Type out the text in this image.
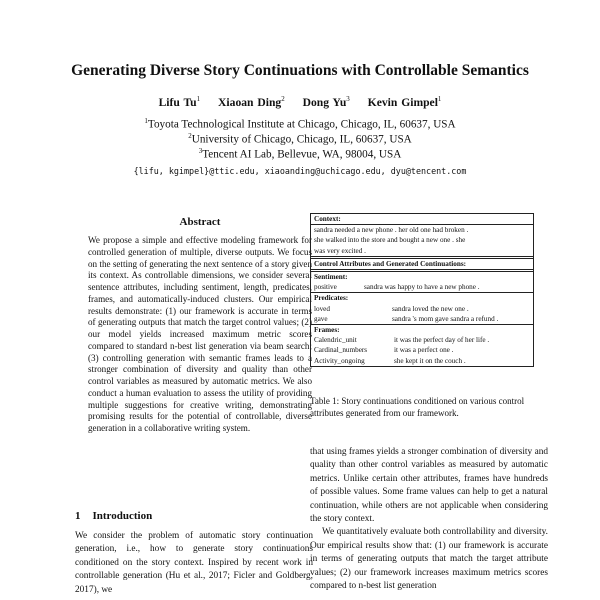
Generating Diverse Story Continuations with Controllable Semantics
Lifu Tu$^1$ Xiaoan Ding$^2$ Dong Yu$^3$ Kevin Gimpel$^1$
$^1$Toyota Technological Institute at Chicago, Chicago, IL, 60637, USA
$^2$University of Chicago, Chicago, IL, 60637, USA
$^3$Tencent AI Lab, Bellevue, WA, 98004, USA
{lifu, kgimpel}@ttic.edu, xiaoanding@uchicago.edu, dyu@tencent.com
Abstract
We propose a simple and effective modeling framework for controlled generation of multiple, diverse outputs. We focus on the setting of generating the next sentence of a story given its context. As controllable dimensions, we consider several sentence attributes, including sentiment, length, predicates, frames, and automatically-induced clusters. Our empirical results demonstrate: (1) our framework is accurate in terms of generating outputs that match the target control values; (2) our model yields increased maximum metric scores compared to standard n-best list generation via beam search; (3) controlling generation with semantic frames leads to a stronger combination of diversity and quality than other control variables as measured by automatic metrics. We also conduct a human evaluation to assess the utility of providing multiple suggestions for creative writing, demonstrating promising results for the potential of controllable, diverse generation in a collaborative writing system.
1 Introduction
We consider the problem of automatic story continuation generation, i.e., how to generate story continuations conditioned on the story context. Inspired by recent work in controllable generation (Hu et al., 2017; Ficler and Goldberg, 2017), we
Context:
sandra needed a new phone . her old one had broken .
she walked into the store and bought a new one . she
was very excited .
Control Attributes and Generated Continuations:
Sentiment:
positive	sandra was happy to have a new phone .
Predicates:
loved	sandra loved the new one .
gave	sandra 's mom gave sandra a refund .
Frames:
Calendric_unit	it was the perfect day of her life .
Cardinal_numbers	it was a perfect one .
Activity_ongoing	she kept it on the couch .
Table 1: Story continuations conditioned on various control attributes generated from our framework.
that using frames yields a stronger combination of diversity and quality than other control variables as measured by automatic metrics. Unlike certain other attributes, frames have hundreds of possible values. Some frame values can help to get a natural continuation, while others are not applicable when considering the story context.
We quantitatively evaluate both controllability and diversity. Our empirical results show that: (1) our framework is accurate in terms of generating outputs that match the target attribute values; (2) our framework increases maximum metrics scores compared to n-best list generation
